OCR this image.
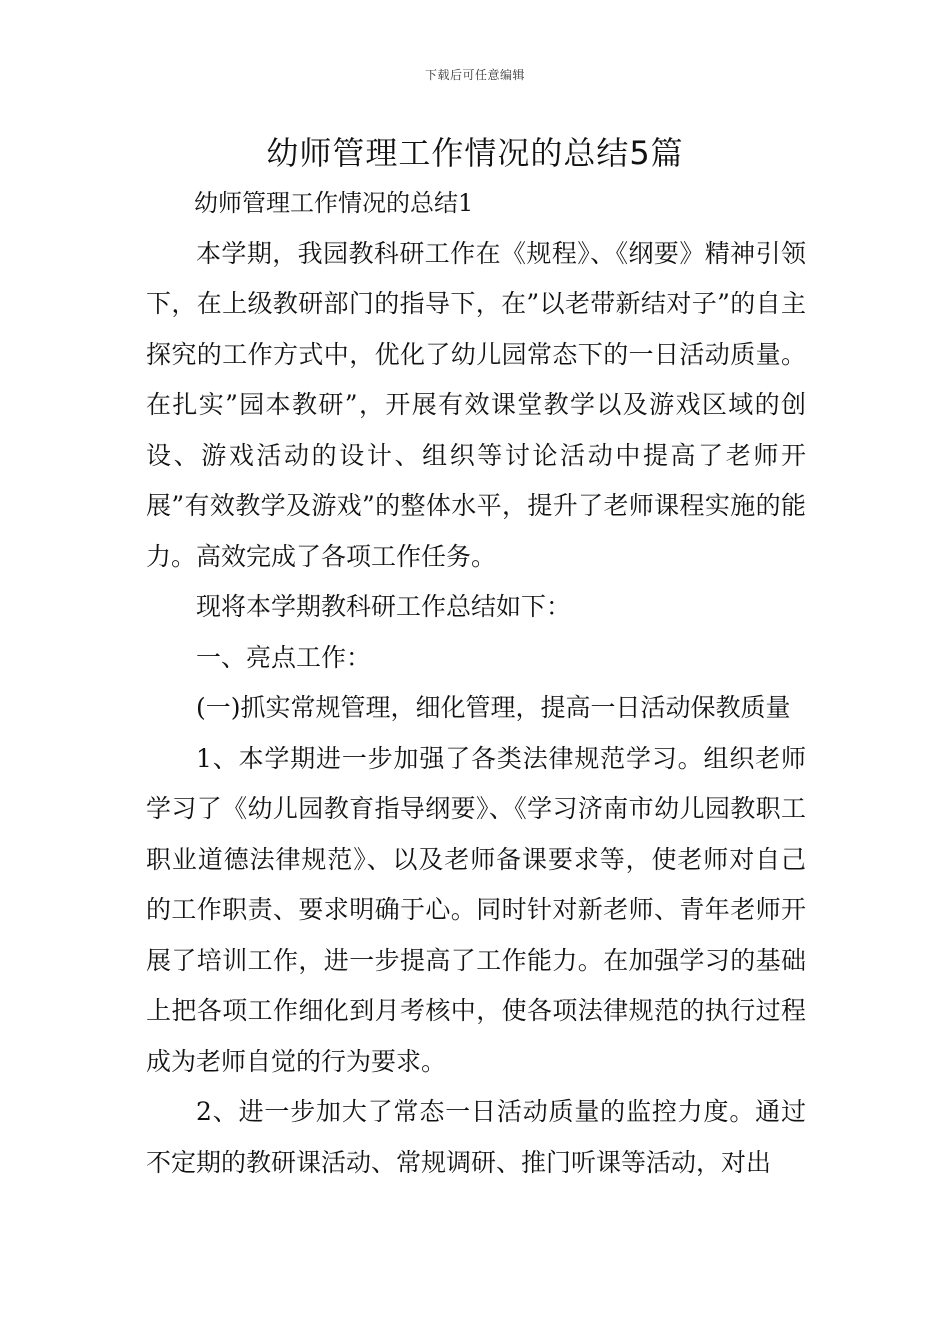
下载后可任意编辑
幼师管理工作情况的总结5篇

幼师管理工作情况的总结1

本学期，我园教科研工作在《规程》、《纲要》精神引领下，在上级教研部门的指导下，在”以老带新结对子”的自主探究的工作方式中，优化了幼儿园常态下的一日活动质量。在扎实”园本教研”，开展有效课堂教学以及游戏区域的创设、游戏活动的设计、组织等讨论活动中提高了老师开展”有效教学及游戏”的整体水平，提升了老师课程实施的能力。高效完成了各项工作任务。

现将本学期教科研工作总结如下：

一、亮点工作：

(一)抓实常规管理，细化管理，提高一日活动保教质量

1、本学期进一步加强了各类法律规范学习。组织老师学习了《幼儿园教育指导纲要》、《学习济南市幼儿园教职工职业道德法律规范》、以及老师备课要求等，使老师对自己的工作职责、要求明确于心。同时针对新老师、青年老师开展了培训工作，进一步提高了工作能力。在加强学习的基础上把各项工作细化到月考核中，使各项法律规范的执行过程成为老师自觉的行为要求。

2、进一步加大了常态一日活动质量的监控力度。通过不定期的教研课活动、常规调研、推门听课等活动，对出
